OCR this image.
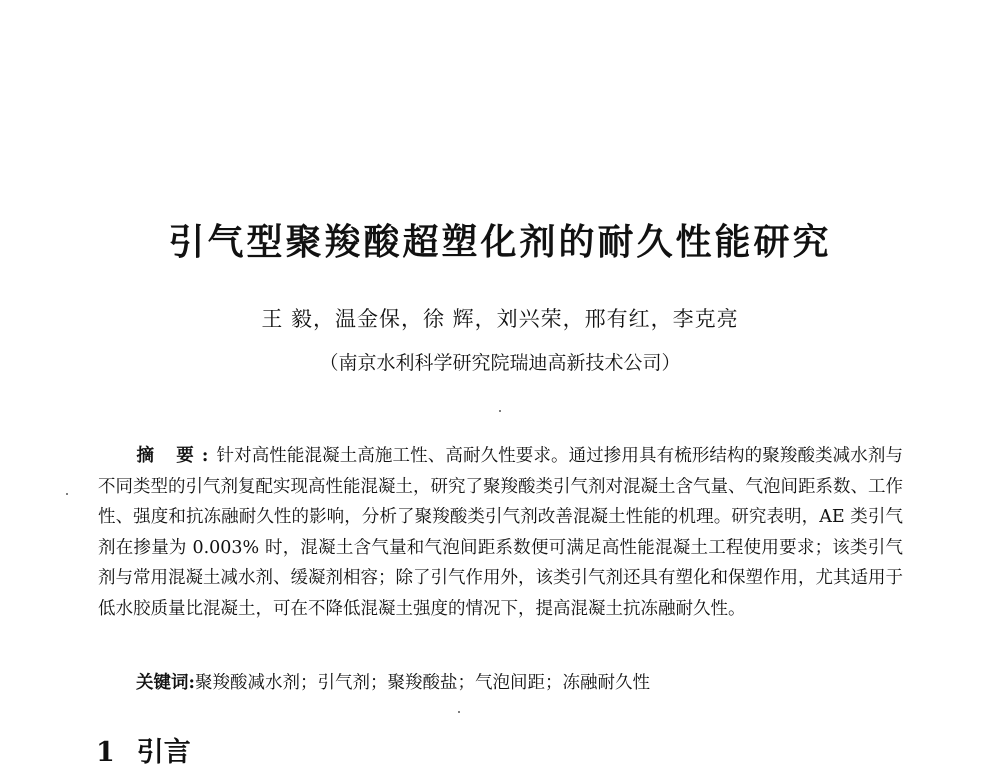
引气型聚羧酸超塑化剂的耐久性能研究
王 毅，温金保，徐 辉，刘兴荣，邢有红，李克亮
（南京水利科学研究院瑞迪高新技术公司）

摘 要:针对高性能混凝土高施工性、高耐久性要求。通过掺用具有梳形结构的聚羧酸类减水剂与不同类型的引气剂复配实现高性能混凝土，研究了聚羧酸类引气剂对混凝土含气量、气泡间距系数、工作性、强度和抗冻融耐久性的影响，分析了聚羧酸类引气剂改善混凝土性能的机理。研究表明，AE 类引气剂在掺量为 0.003% 时，混凝土含气量和气泡间距系数便可满足高性能混凝土工程使用要求；该类引气剂与常用混凝土减水剂、缓凝剂相容；除了引气作用外，该类引气剂还具有塑化和保塑作用，尤其适用于低水胶质量比混凝土，可在不降低混凝土强度的情况下，提高混凝土抗冻融耐久性。

关键词:聚羧酸减水剂；引气剂；聚羧酸盐；气泡间距；冻融耐久性

1 引言
